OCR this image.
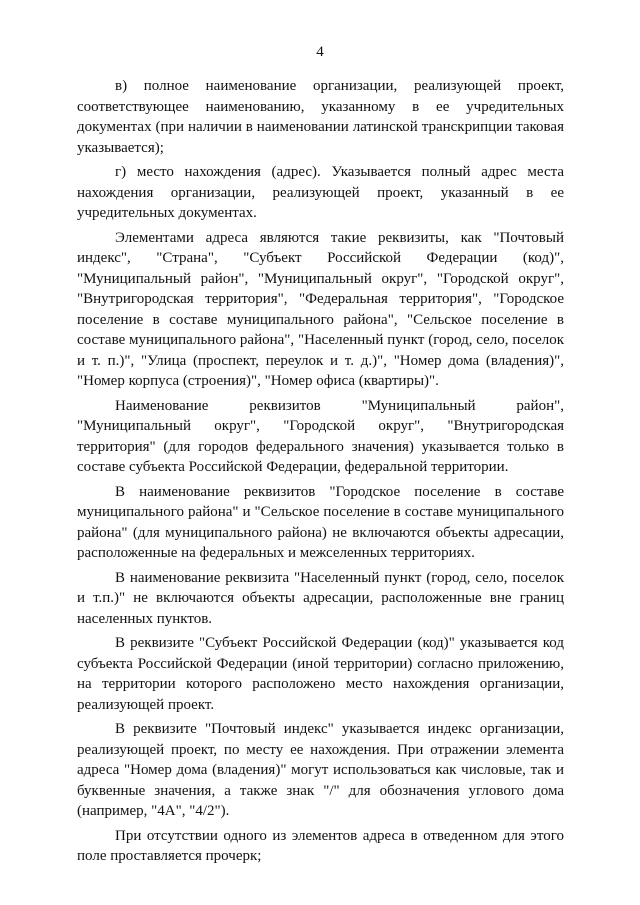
4

в) полное наименование организации, реализующей проект, соответствующее наименованию, указанному в ее учредительных документах (при наличии в наименовании латинской транскрипции таковая указывается);

г) место нахождения (адрес). Указывается полный адрес места нахождения организации, реализующей проект, указанный в ее учредительных документах.

Элементами адреса являются такие реквизиты, как "Почтовый индекс", "Страна", "Субъект Российской Федерации (код)", "Муниципальный район", "Муниципальный округ", "Городской округ", "Внутригородская территория", "Федеральная территория", "Городское поселение в составе муниципального района", "Сельское поселение в составе муниципального района", "Населенный пункт (город, село, поселок и т. п.)", "Улица (проспект, переулок и т. д.)", "Номер дома (владения)", "Номер корпуса (строения)", "Номер офиса (квартиры)".

Наименование реквизитов "Муниципальный район", "Муниципальный округ", "Городской округ", "Внутригородская территория" (для городов федерального значения) указывается только в составе субъекта Российской Федерации, федеральной территории.

В наименование реквизитов "Городское поселение в составе муниципального района" и "Сельское поселение в составе муниципального района" (для муниципального района) не включаются объекты адресации, расположенные на федеральных и межселенных территориях.

В наименование реквизита "Населенный пункт (город, село, поселок и т.п.)" не включаются объекты адресации, расположенные вне границ населенных пунктов.

В реквизите "Субъект Российской Федерации (код)" указывается код субъекта Российской Федерации (иной территории) согласно приложению, на территории которого расположено место нахождения организации, реализующей проект.

В реквизите "Почтовый индекс" указывается индекс организации, реализующей проект, по месту ее нахождения. При отражении элемента адреса "Номер дома (владения)" могут использоваться как числовые, так и буквенные значения, а также знак "/" для обозначения углового дома (например, "4А", "4/2").

При отсутствии одного из элементов адреса в отведенном для этого поле проставляется прочерк;
